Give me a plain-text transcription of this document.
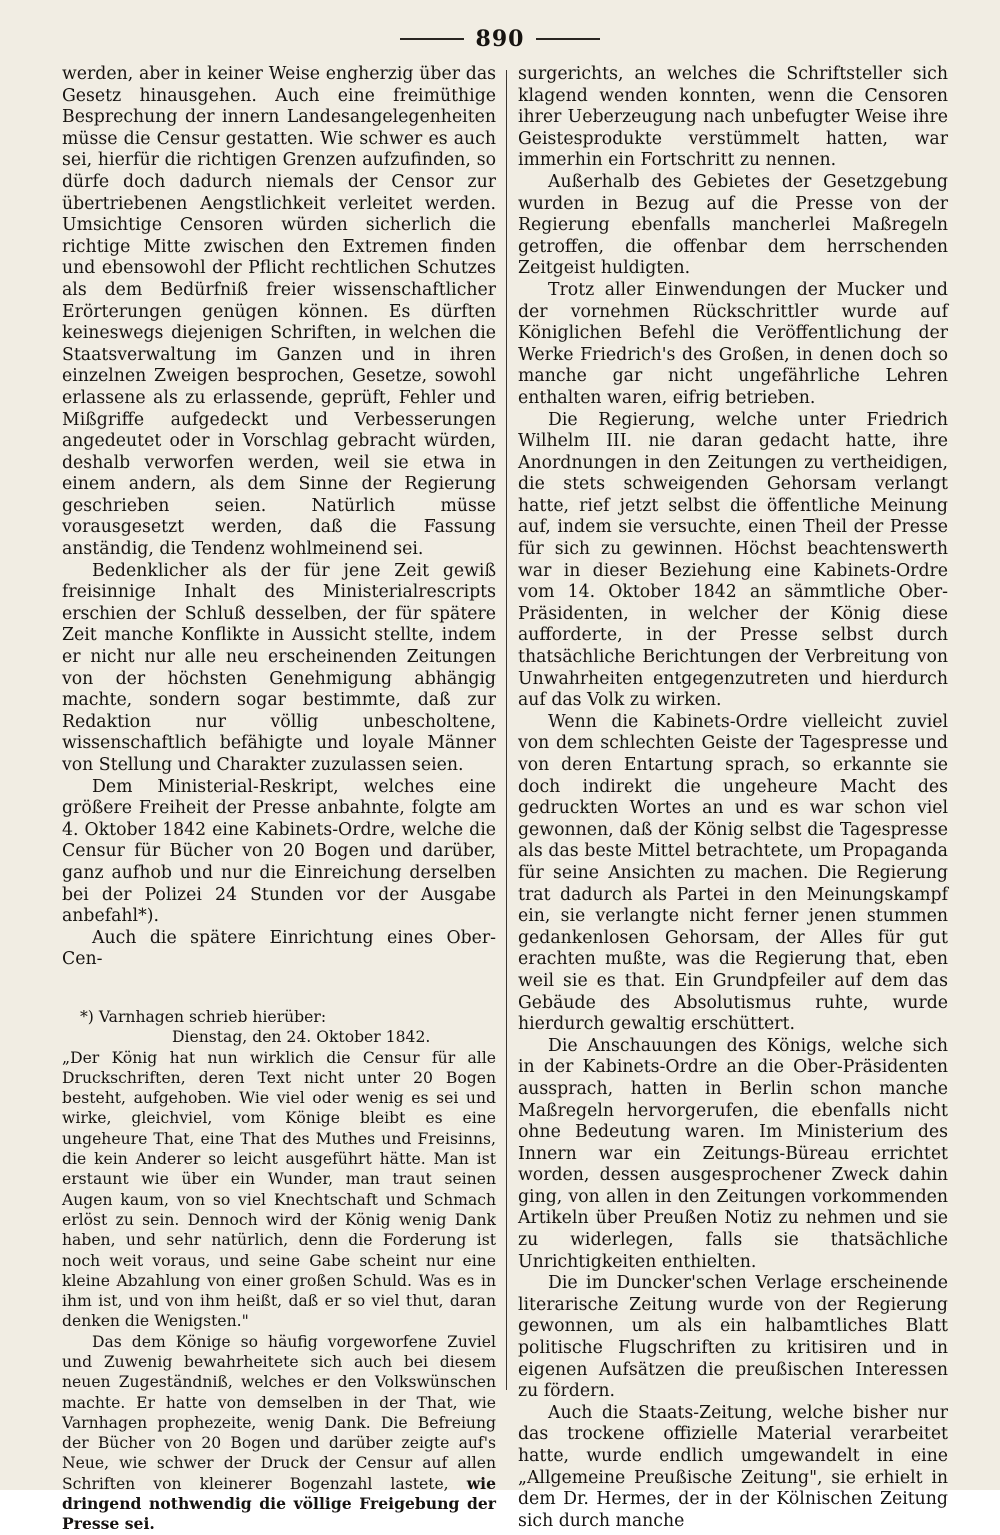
890

werden, aber in keiner Weise engherzig über das Gesetz hinausgehen. Auch eine freimüthige Besprechung der innern Landesangelegenheiten müsse die Censur gestatten. Wie schwer es auch sei, hierfür die richtigen Grenzen aufzufinden, so dürfe doch dadurch niemals der Censor zur übertriebenen Aengstlichkeit verleitet werden. Umsichtige Censoren würden sicherlich die richtige Mitte zwischen den Extremen finden und ebensowohl der Pflicht rechtlichen Schutzes als dem Bedürfniß freier wissenschaftlicher Erörterungen genügen können. Es dürften keineswegs diejenigen Schriften, in welchen die Staatsverwaltung im Ganzen und in ihren einzelnen Zweigen besprochen, Gesetze, sowohl erlassene als zu erlassende, geprüft, Fehler und Mißgriffe aufgedeckt und Verbesserungen angedeutet oder in Vorschlag gebracht würden, deshalb verworfen werden, weil sie etwa in einem andern, als dem Sinne der Regierung geschrieben seien. Natürlich müsse vorausgesetzt werden, daß die Fassung anständig, die Tendenz wohlmeinend sei.

Bedenklicher als der für jene Zeit gewiß freisinnige Inhalt des Ministerialrescripts erschien der Schluß desselben, der für spätere Zeit manche Konflikte in Aussicht stellte, indem er nicht nur alle neu erscheinenden Zeitungen von der höchsten Genehmigung abhängig machte, sondern sogar bestimmte, daß zur Redaktion nur völlig unbescholtene, wissenschaftlich befähigte und loyale Männer von Stellung und Charakter zuzulassen seien.

Dem Ministerial-Reskript, welches eine größere Freiheit der Presse anbahnte, folgte am 4. Oktober 1842 eine Kabinets-Ordre, welche die Censur für Bücher von 20 Bogen und darüber, ganz aufhob und nur die Einreichung derselben bei der Polizei 24 Stunden vor der Ausgabe anbefahl*).

Auch die spätere Einrichtung eines Ober-Cen-

*) Varnhagen schrieb hierüber:

Dienstag, den 24. Oktober 1842.

„Der König hat nun wirklich die Censur für alle Druckschriften, deren Text nicht unter 20 Bogen besteht, aufgehoben. Wie viel oder wenig es sei und wirke, gleichviel, vom Könige bleibt es eine ungeheure That, eine That des Muthes und Freisinns, die kein Anderer so leicht ausgeführt hätte. Man ist erstaunt wie über ein Wunder, man traut seinen Augen kaum, von so viel Knechtschaft und Schmach erlöst zu sein. Dennoch wird der König wenig Dank haben, und sehr natürlich, denn die Forderung ist noch weit voraus, und seine Gabe scheint nur eine kleine Abzahlung von einer großen Schuld. Was es in ihm ist, und von ihm heißt, daß er so viel thut, daran denken die Wenigsten."

Das dem Könige so häufig vorgeworfene Zuviel und Zuwenig bewahrheitete sich auch bei diesem neuen Zugeständniß, welches er den Volkswünschen machte. Er hatte von demselben in der That, wie Varnhagen prophezeite, wenig Dank. Die Befreiung der Bücher von 20 Bogen und darüber zeigte auf's Neue, wie schwer der Druck der Censur auf allen Schriften von kleinerer Bogenzahl lastete, wie dringend nothwendig die völlige Freigebung der Presse sei.

surgerichts, an welches die Schriftsteller sich klagend wenden konnten, wenn die Censoren ihrer Ueberzeugung nach unbefugter Weise ihre Geistesprodukte verstümmelt hatten, war immerhin ein Fortschritt zu nennen.

Außerhalb des Gebietes der Gesetzgebung wurden in Bezug auf die Presse von der Regierung ebenfalls mancherlei Maßregeln getroffen, die offenbar dem herrschenden Zeitgeist huldigten.

Trotz aller Einwendungen der Mucker und der vornehmen Rückschrittler wurde auf Königlichen Befehl die Veröffentlichung der Werke Friedrich's des Großen, in denen doch so manche gar nicht ungefährliche Lehren enthalten waren, eifrig betrieben.

Die Regierung, welche unter Friedrich Wilhelm III. nie daran gedacht hatte, ihre Anordnungen in den Zeitungen zu vertheidigen, die stets schweigenden Gehorsam verlangt hatte, rief jetzt selbst die öffentliche Meinung auf, indem sie versuchte, einen Theil der Presse für sich zu gewinnen. Höchst beachtenswerth war in dieser Beziehung eine Kabinets-Ordre vom 14. Oktober 1842 an sämmtliche Ober-Präsidenten, in welcher der König diese aufforderte, in der Presse selbst durch thatsächliche Berichtungen der Verbreitung von Unwahrheiten entgegenzutreten und hierdurch auf das Volk zu wirken.

Wenn die Kabinets-Ordre vielleicht zuviel von dem schlechten Geiste der Tagespresse und von deren Entartung sprach, so erkannte sie doch indirekt die ungeheure Macht des gedruckten Wortes an und es war schon viel gewonnen, daß der König selbst die Tagespresse als das beste Mittel betrachtete, um Propaganda für seine Ansichten zu machen. Die Regierung trat dadurch als Partei in den Meinungskampf ein, sie verlangte nicht ferner jenen stummen gedankenlosen Gehorsam, der Alles für gut erachten mußte, was die Regierung that, eben weil sie es that. Ein Grundpfeiler auf dem das Gebäude des Absolutismus ruhte, wurde hierdurch gewaltig erschüttert.

Die Anschauungen des Königs, welche sich in der Kabinets-Ordre an die Ober-Präsidenten aussprach, hatten in Berlin schon manche Maßregeln hervorgerufen, die ebenfalls nicht ohne Bedeutung waren. Im Ministerium des Innern war ein Zeitungs-Büreau errichtet worden, dessen ausgesprochener Zweck dahin ging, von allen in den Zeitungen vorkommenden Artikeln über Preußen Notiz zu nehmen und sie zu widerlegen, falls sie thatsächliche Unrichtigkeiten enthielten.

Die im Duncker'schen Verlage erscheinende literarische Zeitung wurde von der Regierung gewonnen, um als ein halbamtliches Blatt politische Flugschriften zu kritisiren und in eigenen Aufsätzen die preußischen Interessen zu fördern.

Auch die Staats-Zeitung, welche bisher nur das trockene offizielle Material verarbeitet hatte, wurde endlich umgewandelt in eine „Allgemeine Preußische Zeitung", sie erhielt in dem Dr. Hermes, der in der Kölnischen Zeitung sich durch manche
